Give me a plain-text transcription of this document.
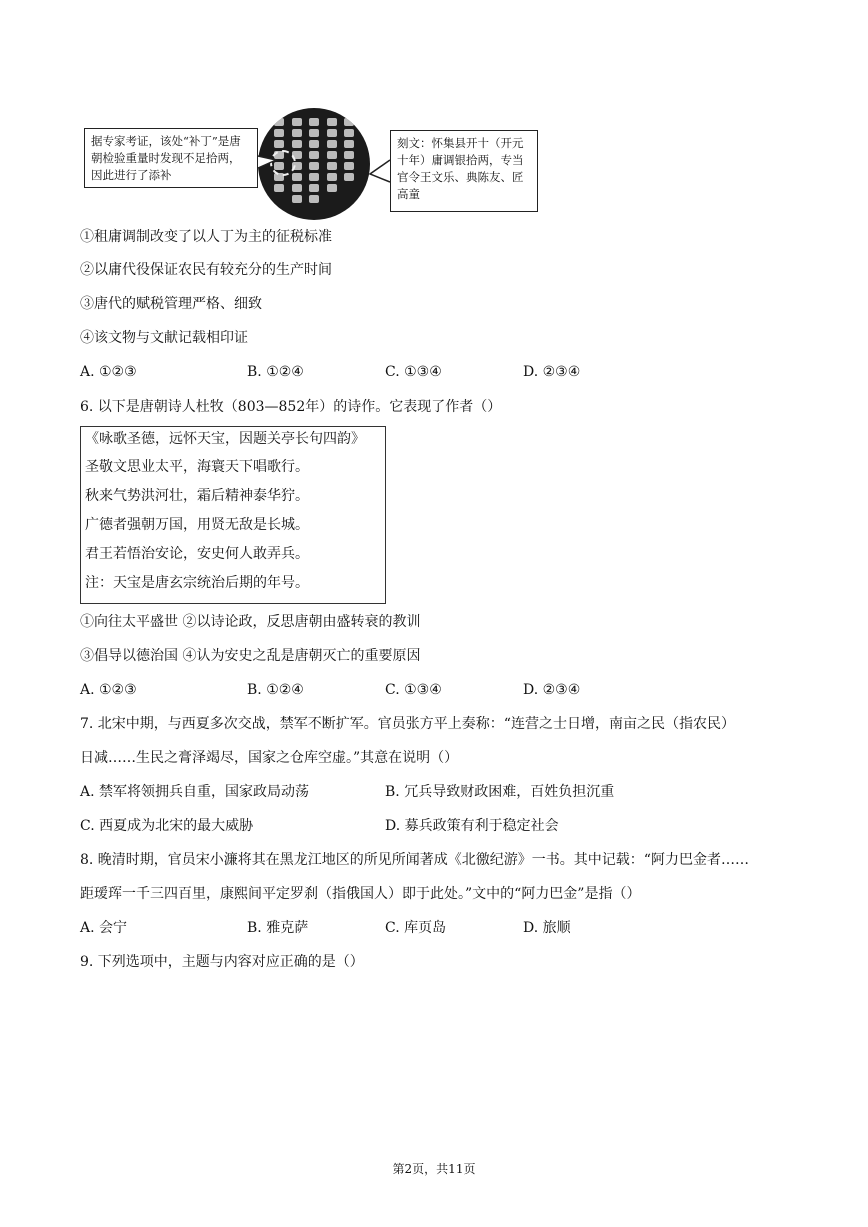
据专家考证，该处“补丁”是唐朝检验重量时发现不足拾两，因此进行了添补
刻文：怀集县开十（开元十年）庸调银拾两，专当官令王文乐、典陈友、匠高童
①租庸调制改变了以人丁为主的征税标准
②以庸代役保证农民有较充分的生产时间
③唐代的赋税管理严格、细致
④该文物与文献记载相印证
A. ①②③	B. ①②④	C. ①③④	D. ②③④
6. 以下是唐朝诗人杜牧（803—852年）的诗作。它表现了作者（）
《咏歌圣德，远怀天宝，因题关亭长句四韵》
圣敬文思业太平，海寰天下唱歌行。
秋来气势洪河壮，霜后精神泰华狞。
广德者强朝万国，用贤无敌是长城。
君王若悟治安论，安史何人敢弄兵。
注：天宝是唐玄宗统治后期的年号。
①向往太平盛世 ②以诗论政，反思唐朝由盛转衰的教训
③倡导以德治国 ④认为安史之乱是唐朝灭亡的重要原因
A. ①②③	B. ①②④	C. ①③④	D. ②③④
7. 北宋中期，与西夏多次交战，禁军不断扩军。官员张方平上奏称：“连营之士日增，南亩之民（指农民）
日减……生民之膏泽竭尽，国家之仓库空虚。”其意在说明（）
A. 禁军将领拥兵自重，国家政局动荡	B. 冗兵导致财政困难，百姓负担沉重
C. 西夏成为北宋的最大威胁	D. 募兵政策有利于稳定社会
8. 晚清时期，官员宋小濂将其在黑龙江地区的所见所闻著成《北徼纪游》一书。其中记载：“阿力巴金者……
距瑷珲一千三四百里，康熙间平定罗刹（指俄国人）即于此处。”文中的“阿力巴金”是指（）
A. 会宁	B. 雅克萨	C. 库页岛	D. 旅顺
9. 下列选项中，主题与内容对应正确的是（）
第2页，共11页
